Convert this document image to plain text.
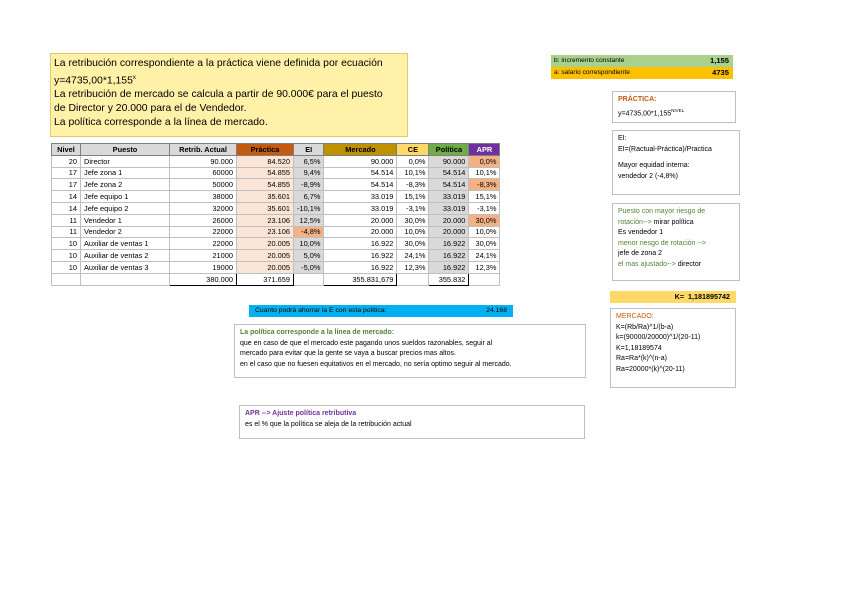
La retribución correspondiente a la práctica viene definida por ecuación
$y=4735,00*1,155^x$
La retribución de mercado se calcula a partir de 90.000€ para el puesto
de Director y 20.000 para el de Vendedor.
La política corresponde a la línea de mercado.
b: incremento constante	1,155
a: salario correspondiente	4735
Nivel	Puesto	Retrib. Actual	Práctica	EI	Mercado	CE	Política	APR
20	Director	90.000	84.520	6,5%	90.000	0,0%	90.000	0,0%
17	Jefe zona 1	60000	54.855	9,4%	54.514	10,1%	54.514	10,1%
17	Jefe zona 2	50000	54.855	-8,9%	54.514	-8,3%	54.514	-8,3%
14	Jefe equipo 1	38000	35.601	6,7%	33.019	15,1%	33.019	15,1%
14	Jefe equipo 2	32000	35.601	-10,1%	33.019	-3,1%	33.019	-3,1%
11	Vendedor 1	26000	23.106	12,5%	20.000	30,0%	20.000	30,0%
11	Vendedor 2	22000	23.106	-4,8%	20.000	10,0%	20.000	10,0%
10	Auxiliar de ventas 1	22000	20.005	10,0%	16.922	30,0%	16.922	30,0%
10	Auxiliar de ventas 2	21000	20.005	5,0%	16.922	24,1%	16.922	24,1%
10	Auxiliar de ventas 3	19000	20.005	-5,0%	16.922	12,3%	16.922	12,3%
		380.000	371.659		355.831,679		355.832	
Cuanto podrá ahorrar la E con esta política:	24.168
La política corresponde a la línea de mercado:
que en caso de que el mercado este pagando unos sueldos razonables, seguir al
mercado para evitar que la gente se vaya a buscar precios mas altos.
en el caso que no fuesen equitativos en el mercado, no sería optimo seguir al mercado.
APR --> Ajuste política retributiva
es el % que la política se aleja de la retribución actual
PRÁCTICA:
$y=4735,00*1,155^{NIVEL}$
EI:
EI=(Ractual-Práctica)/Practica
Mayor equidad interna:
vendedor 2 (-4,8%)
Puesto con mayor riesgo de
rotación--> mirar política
Es vendedor 1
menor riesgo de rotación -->
jefe de zona 2
el mas ajustado--> director
K= 1,181895742
MERCADO:
K=(Rb/Ra)^1/(b-a)
k=(90000/20000)^1/(20-11)
K=1,18189574
Ra=Ra*(k)^(n-a)
Ra=20000*(k)^(20-11)
